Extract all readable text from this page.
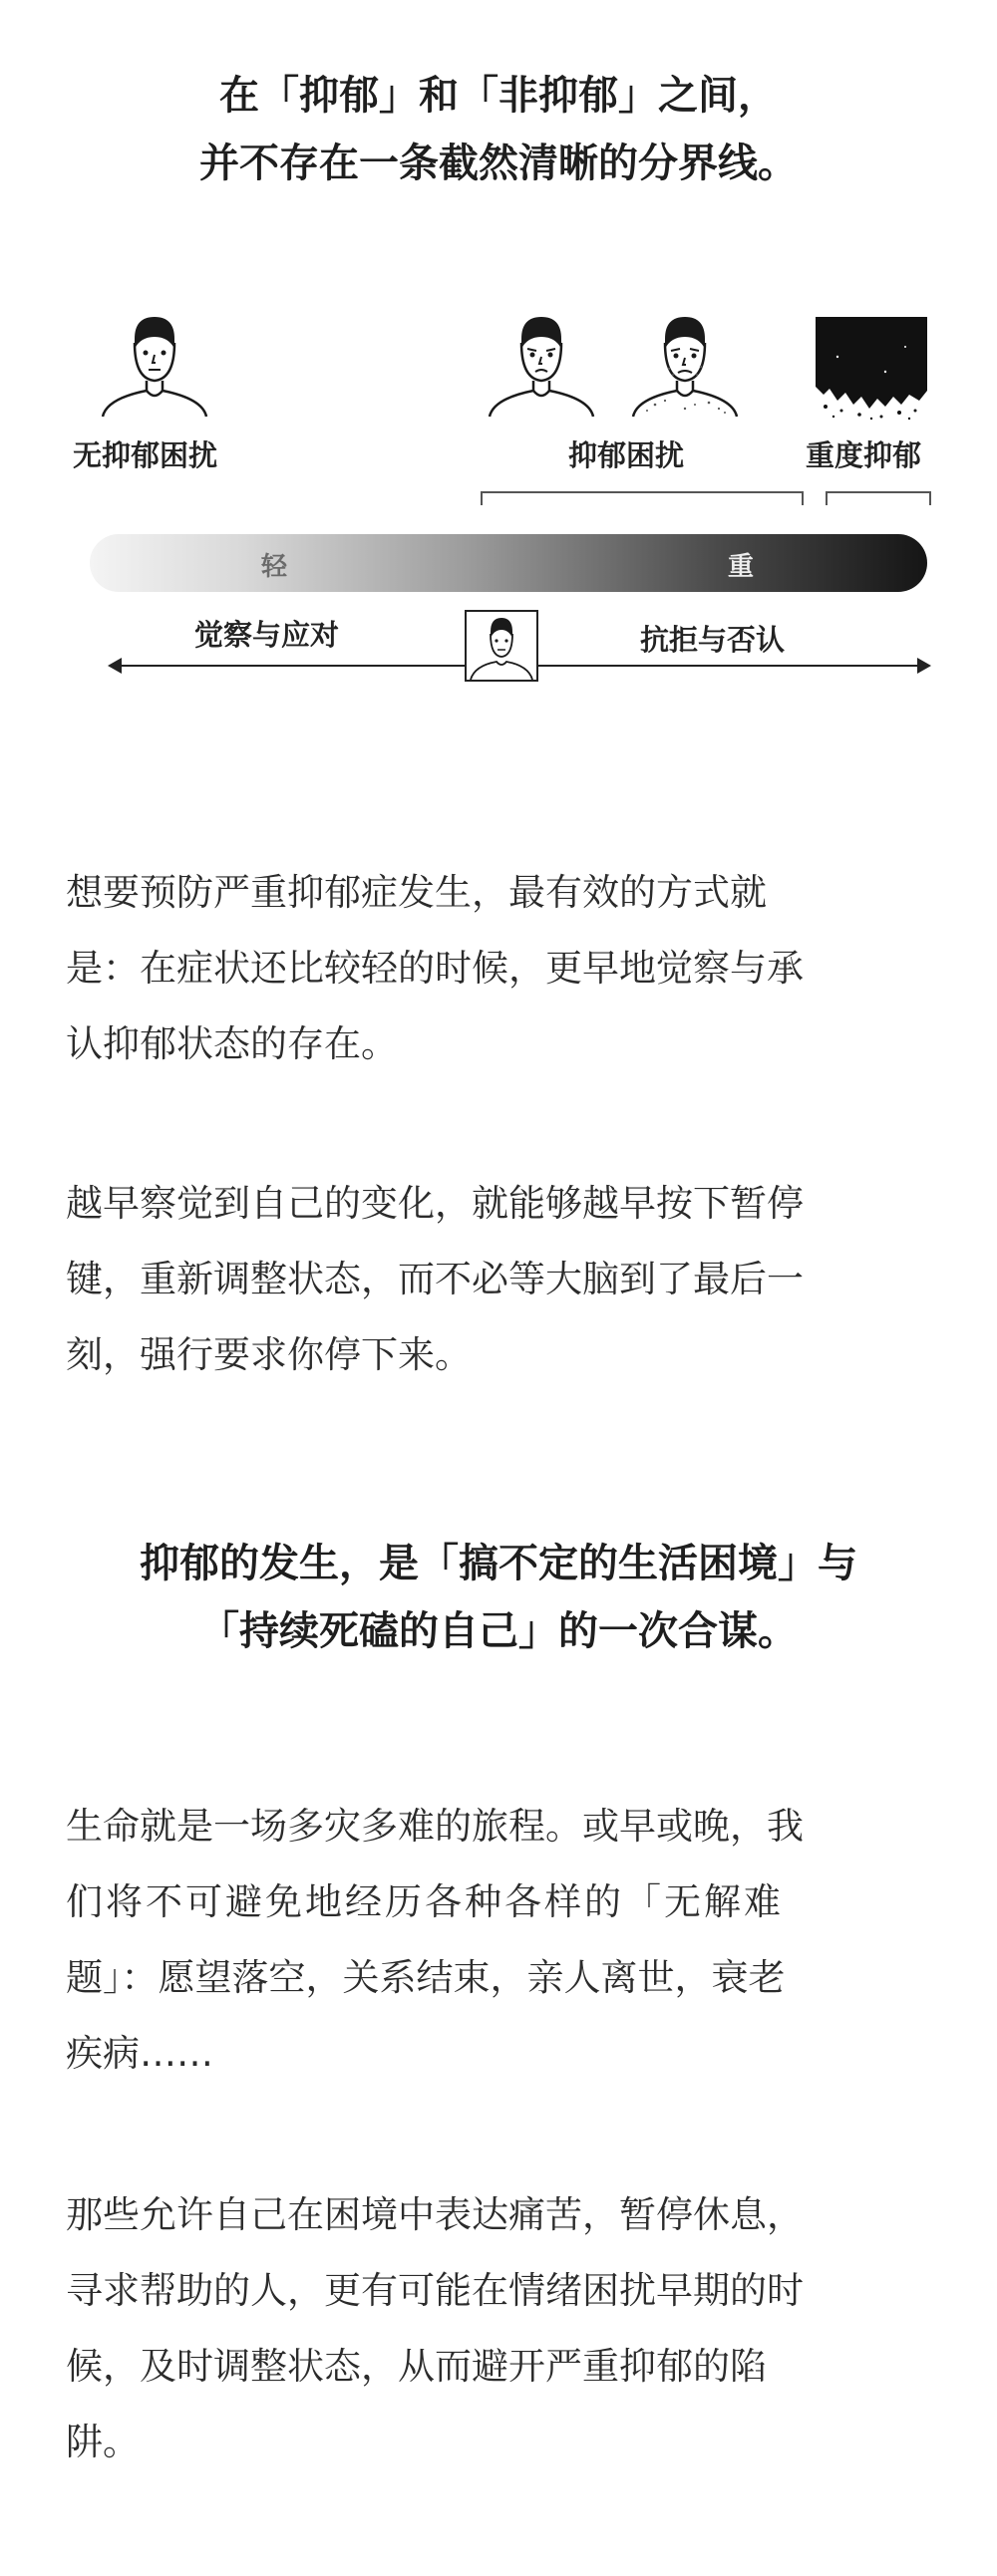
在「抑郁」和「非抑郁」之间，
并不存在一条截然清晰的分界线。
无抑郁困扰	抑郁困扰	重度抑郁
轻	重
觉察与应对	抗拒与否认

想要预防严重抑郁症发生，最有效的方式就
是：在症状还比较轻的时候，更早地觉察与承
认抑郁状态的存在。

越早察觉到自己的变化，就能够越早按下暂停
键，重新调整状态，而不必等大脑到了最后一
刻，强行要求你停下来。

抑郁的发生，是「搞不定的生活困境」与
「持续死磕的自己」的一次合谋。

生命就是一场多灾多难的旅程。或早或晚，我
们将不可避免地经历各种各样的「无解难
题」：愿望落空，关系结束，亲人离世，衰老
疾病……

那些允许自己在困境中表达痛苦，暂停休息，
寻求帮助的人，更有可能在情绪困扰早期的时
候，及时调整状态，从而避开严重抑郁的陷
阱。
